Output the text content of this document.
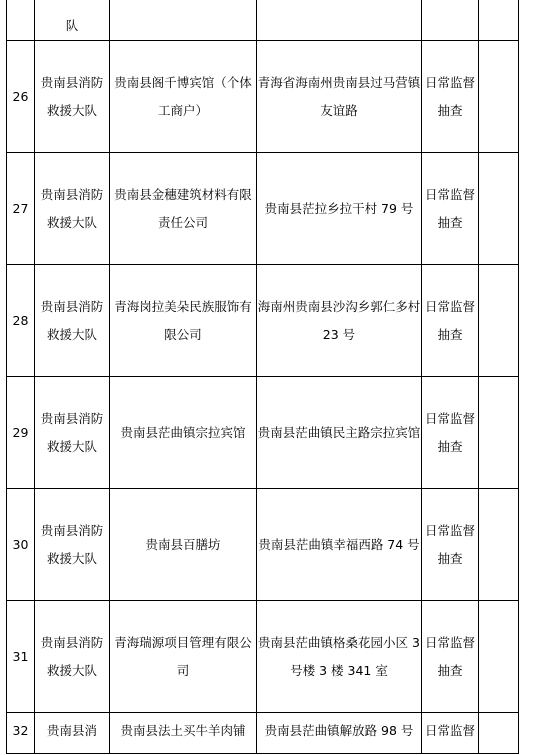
	队				
26	贵南县消防救援大队	贵南县阁千博宾馆（个体工商户）	青海省海南州贵南县过马营镇友谊路	日常监督抽查	
27	贵南县消防救援大队	贵南县金穗建筑材料有限责任公司	贵南县茫拉乡拉干村 79 号	日常监督抽查	
28	贵南县消防救援大队	青海岗拉美朵民族服饰有限公司	海南州贵南县沙沟乡郭仁多村 23 号	日常监督抽查	
29	贵南县消防救援大队	贵南县茫曲镇宗拉宾馆	贵南县茫曲镇民主路宗拉宾馆	日常监督抽查	
30	贵南县消防救援大队	贵南县百膳坊	贵南县茫曲镇幸福西路 74 号	日常监督抽查	
31	贵南县消防救援大队	青海瑞源项目管理有限公司	贵南县茫曲镇格桑花园小区 3 号楼 3 楼 341 室	日常监督抽查	
32	贵南县消	贵南县法土买牛羊肉铺	贵南县茫曲镇解放路 98 号	日常监督	
